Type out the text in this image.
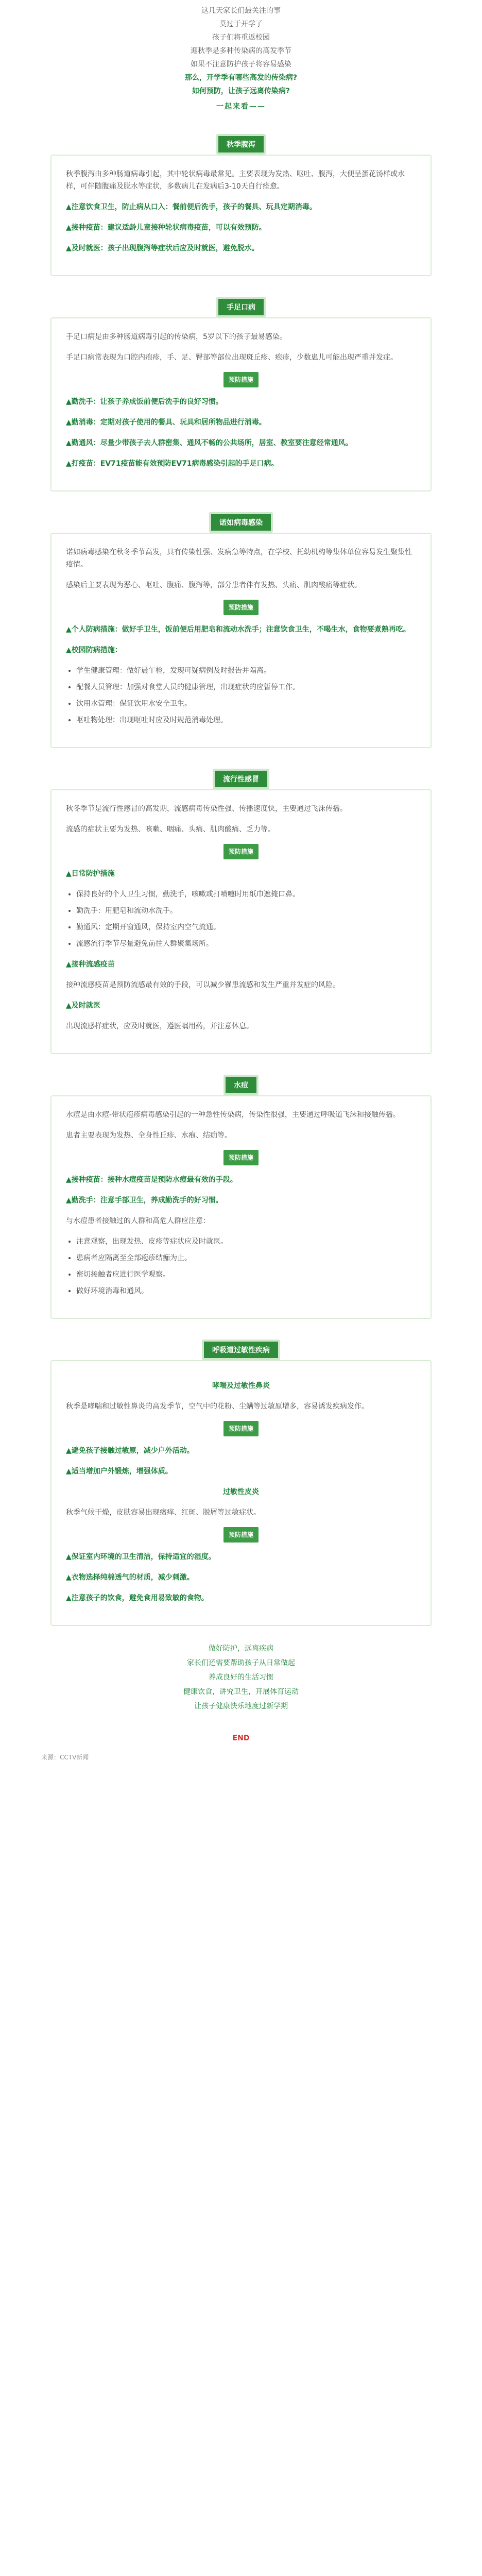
这几天家长们最关注的事
莫过于开学了
孩子们将重返校园
迎秋季是多种传染病的高发季节
如果不注意防护孩子将容易感染
那么，开学季有哪些高发的传染病?
如何预防，让孩子远离传染病?
一起来看——
秋季腹泻

秋季腹泻由多种肠道病毒引起，其中轮状病毒最常见。主要表现为发热、呕吐、腹泻，大便呈蛋花汤样或水样，可伴随腹痛及脱水等症状，多数病儿在发病后3-10天自行痊愈。

▲注意饮食卫生，防止病从口入：餐前便后洗手，孩子的餐具、玩具定期消毒。

▲接种疫苗：建议适龄儿童接种轮状病毒疫苗，可以有效预防。

▲及时就医：孩子出现腹泻等症状后应及时就医，避免脱水。

手足口病

手足口病是由多种肠道病毒引起的传染病，5岁以下的孩子最易感染。

手足口病常表现为口腔内疱疹，手、足、臀部等部位出现斑丘疹、疱疹，少数患儿可能出现严重并发症。

预防措施

▲勤洗手：让孩子养成饭前便后洗手的良好习惯。

▲勤消毒：定期对孩子使用的餐具、玩具和居所物品进行消毒。

▲勤通风：尽量少带孩子去人群密集、通风不畅的公共场所，居室、教室要注意经常通风。

▲打疫苗：EV71疫苗能有效预防EV71病毒感染引起的手足口病。

诺如病毒感染

诺如病毒感染在秋冬季节高发，具有传染性强、发病急等特点，在学校、托幼机构等集体单位容易发生聚集性疫情。

感染后主要表现为恶心、呕吐、腹痛、腹泻等，部分患者伴有发热、头痛、肌肉酸痛等症状。

预防措施

▲个人防病措施：做好手卫生，饭前便后用肥皂和流动水洗手；注意饮食卫生，不喝生水，食物要煮熟再吃。

▲校园防病措施：

• 学生健康管理：做好晨午检，发现可疑病例及时报告并隔离。
• 配餐人员管理：加强对食堂人员的健康管理，出现症状的应暂停工作。
• 饮用水管理：保证饮用水安全卫生。
• 呕吐物处理：出现呕吐时应及时规范消毒处理。
流行性感冒

秋冬季节是流行性感冒的高发期，流感病毒传染性强、传播速度快，主要通过飞沫传播。

流感的症状主要为发热、咳嗽、咽痛、头痛、肌肉酸痛、乏力等。

预防措施

▲日常防护措施

• 保持良好的个人卫生习惯，勤洗手，咳嗽或打喷嚏时用纸巾遮掩口鼻。
• 勤洗手：用肥皂和流动水洗手。
• 勤通风：定期开窗通风，保持室内空气流通。
• 流感流行季节尽量避免前往人群聚集场所。

▲接种流感疫苗

接种流感疫苗是预防流感最有效的手段，可以减少罹患流感和发生严重并发症的风险。

▲及时就医

出现流感样症状，应及时就医，遵医嘱用药，并注意休息。

水痘

水痘是由水痘-带状疱疹病毒感染引起的一种急性传染病，传染性很强，主要通过呼吸道飞沫和接触传播。

患者主要表现为发热、全身性丘疹、水疱、结痂等。

预防措施

▲接种疫苗：接种水痘疫苗是预防水痘最有效的手段。

▲勤洗手：注意手部卫生，养成勤洗手的好习惯。

与水痘患者接触过的人群和高危人群应注意：

• 注意观察，出现发热、皮疹等症状应及时就医。
• 患病者应隔离至全部疱疹结痂为止。
• 密切接触者应进行医学观察。
• 做好环境消毒和通风。
呼吸道过敏性疾病
哮喘及过敏性鼻炎

秋季是哮喘和过敏性鼻炎的高发季节，空气中的花粉、尘螨等过敏原增多，容易诱发疾病发作。

预防措施

▲避免孩子接触过敏原，减少户外活动。

▲适当增加户外锻炼，增强体质。

过敏性皮炎

秋季气候干燥，皮肤容易出现瘙痒、红斑、脱屑等过敏症状。

预防措施

▲保证室内环境的卫生清洁，保持适宜的湿度。

▲衣物选择纯棉透气的材质，减少刺激。

▲注意孩子的饮食，避免食用易致敏的食物。

做好防护，远离疾病
家长们还需要帮助孩子从日常做起
养成良好的生活习惯
健康饮食，讲究卫生，开展体育运动
让孩子健康快乐地度过新学期
END
来源：CCTV新闻
